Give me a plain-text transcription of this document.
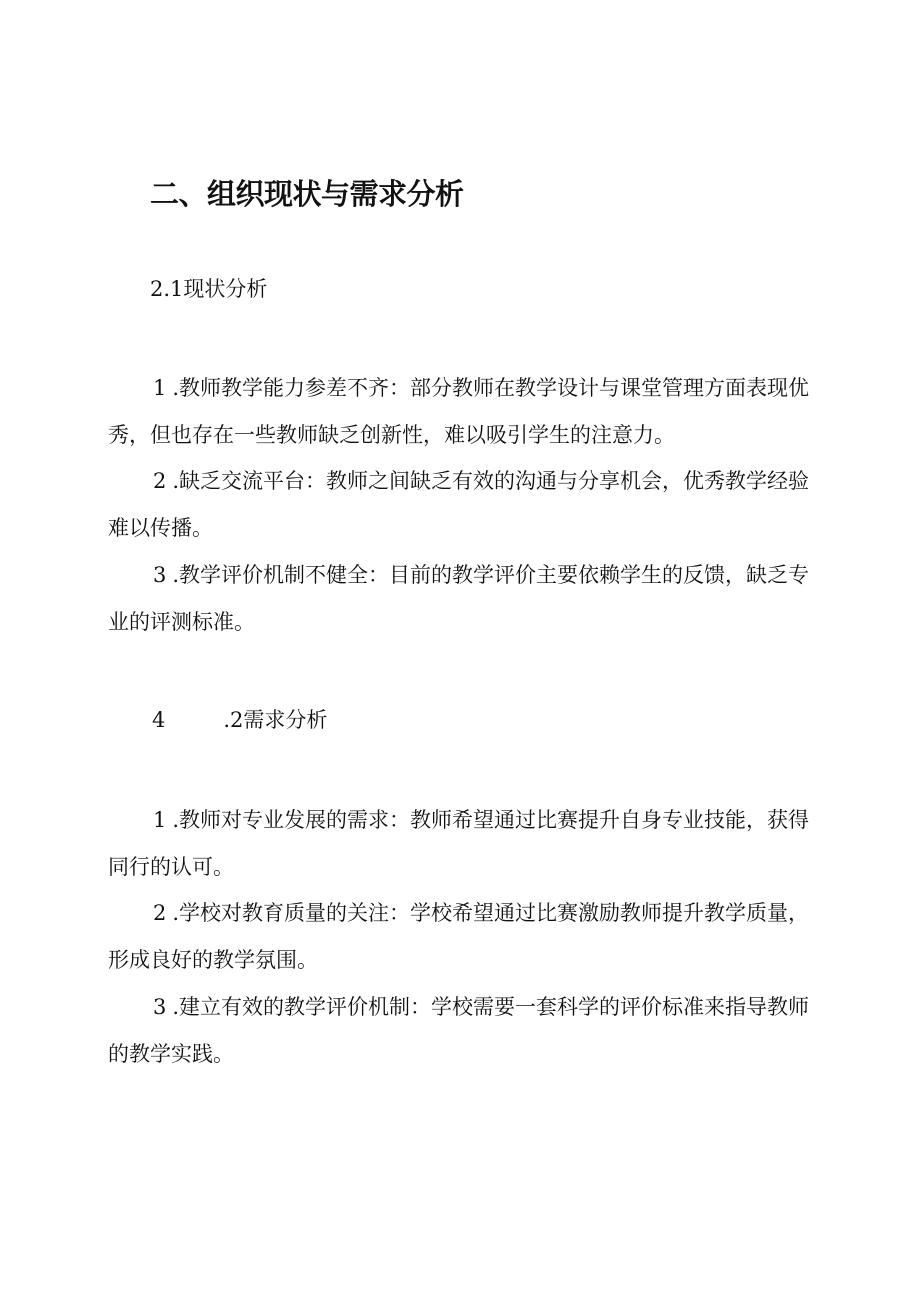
二、组织现状与需求分析
2.1现状分析

1 .教师教学能力参差不齐：部分教师在教学设计与课堂管理方面表现优秀，但也存在一些教师缺乏创新性，难以吸引学生的注意力。

2 .缺乏交流平台：教师之间缺乏有效的沟通与分享机会，优秀教学经验难以传播。

3 .教学评价机制不健全：目前的教学评价主要依赖学生的反馈，缺乏专业的评测标准。

4	.2需求分析

1 .教师对专业发展的需求：教师希望通过比赛提升自身专业技能，获得同行的认可。

2 .学校对教育质量的关注：学校希望通过比赛激励教师提升教学质量，形成良好的教学氛围。

3 .建立有效的教学评价机制：学校需要一套科学的评价标准来指导教师的教学实践。
